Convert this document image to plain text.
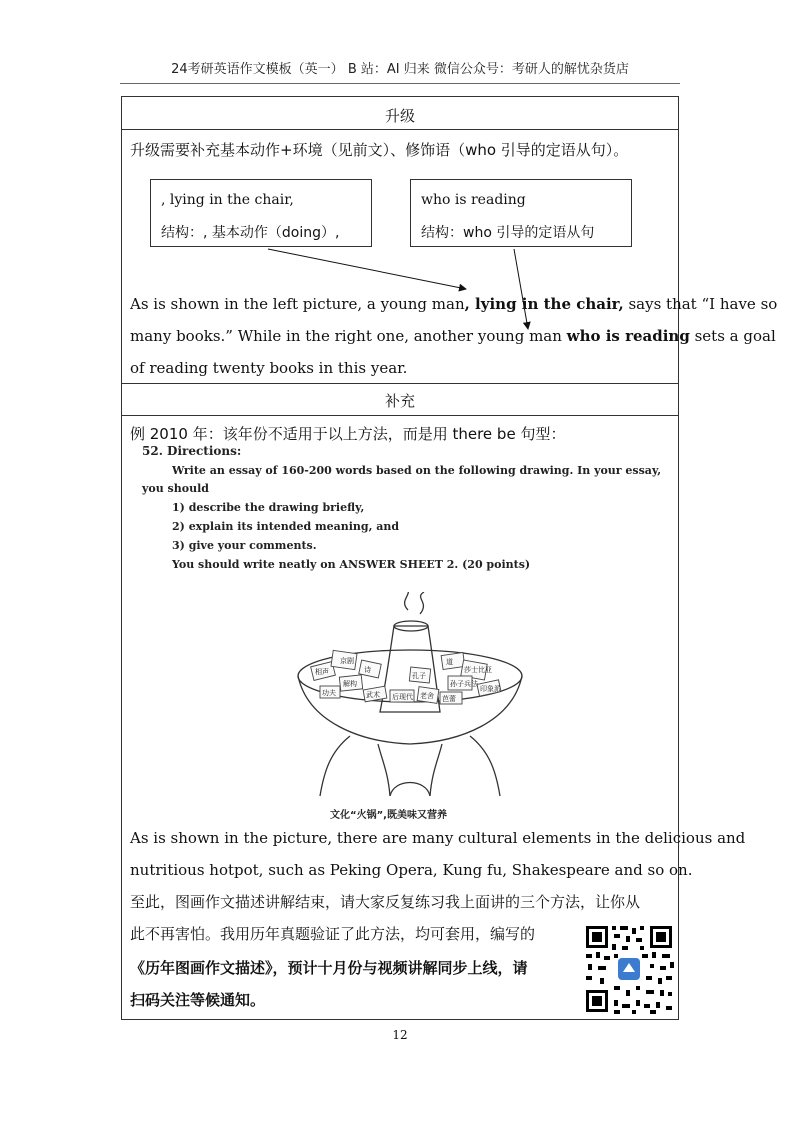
24考研英语作文模板（英一） B 站：AI 归来 微信公众号：考研人的解忧杂货店
升级
升级需要补充基本动作+环境（见前文）、修饰语（who 引导的定语从句）。
, lying in the chair,
结构：, 基本动作（doing）,
who is reading
结构：who 引导的定语从句
As is shown in the left picture, a young man, lying in the chair, says that “I have so
many books.” While in the right one, another young man who is reading sets a goal
of reading twenty books in this year.
补充
例 2010 年：该年份不适用于以上方法，而是用 there be 句型：
As is shown in the picture, there are many cultural elements in the delicious and
nutritious hotpot, such as Peking Opera, Kung fu, Shakespeare and so on.
至此，图画作文描述讲解结束，请大家反复练习我上面讲的三个方法，让你从
此不再害怕。我用历年真题验证了此方法，均可套用，编写的
《历年图画作文描述》，预计十月份与视频讲解同步上线，请
扫码关注等候通知。
52. Directions:
Write an essay of 160-200 words based on the following drawing. In your essay,
you should
1) describe the drawing briefly,
2) explain its intended meaning, and
3) give your comments.
You should write neatly on ANSWER SHEET 2. (20 points)
京剧
相声
功夫
孙子兵法
解构
后现代 老舍
莎士比亚
道
武术
诗
孔子
芭蕾
印象派
文化“火锅”,既美味又营养
12
